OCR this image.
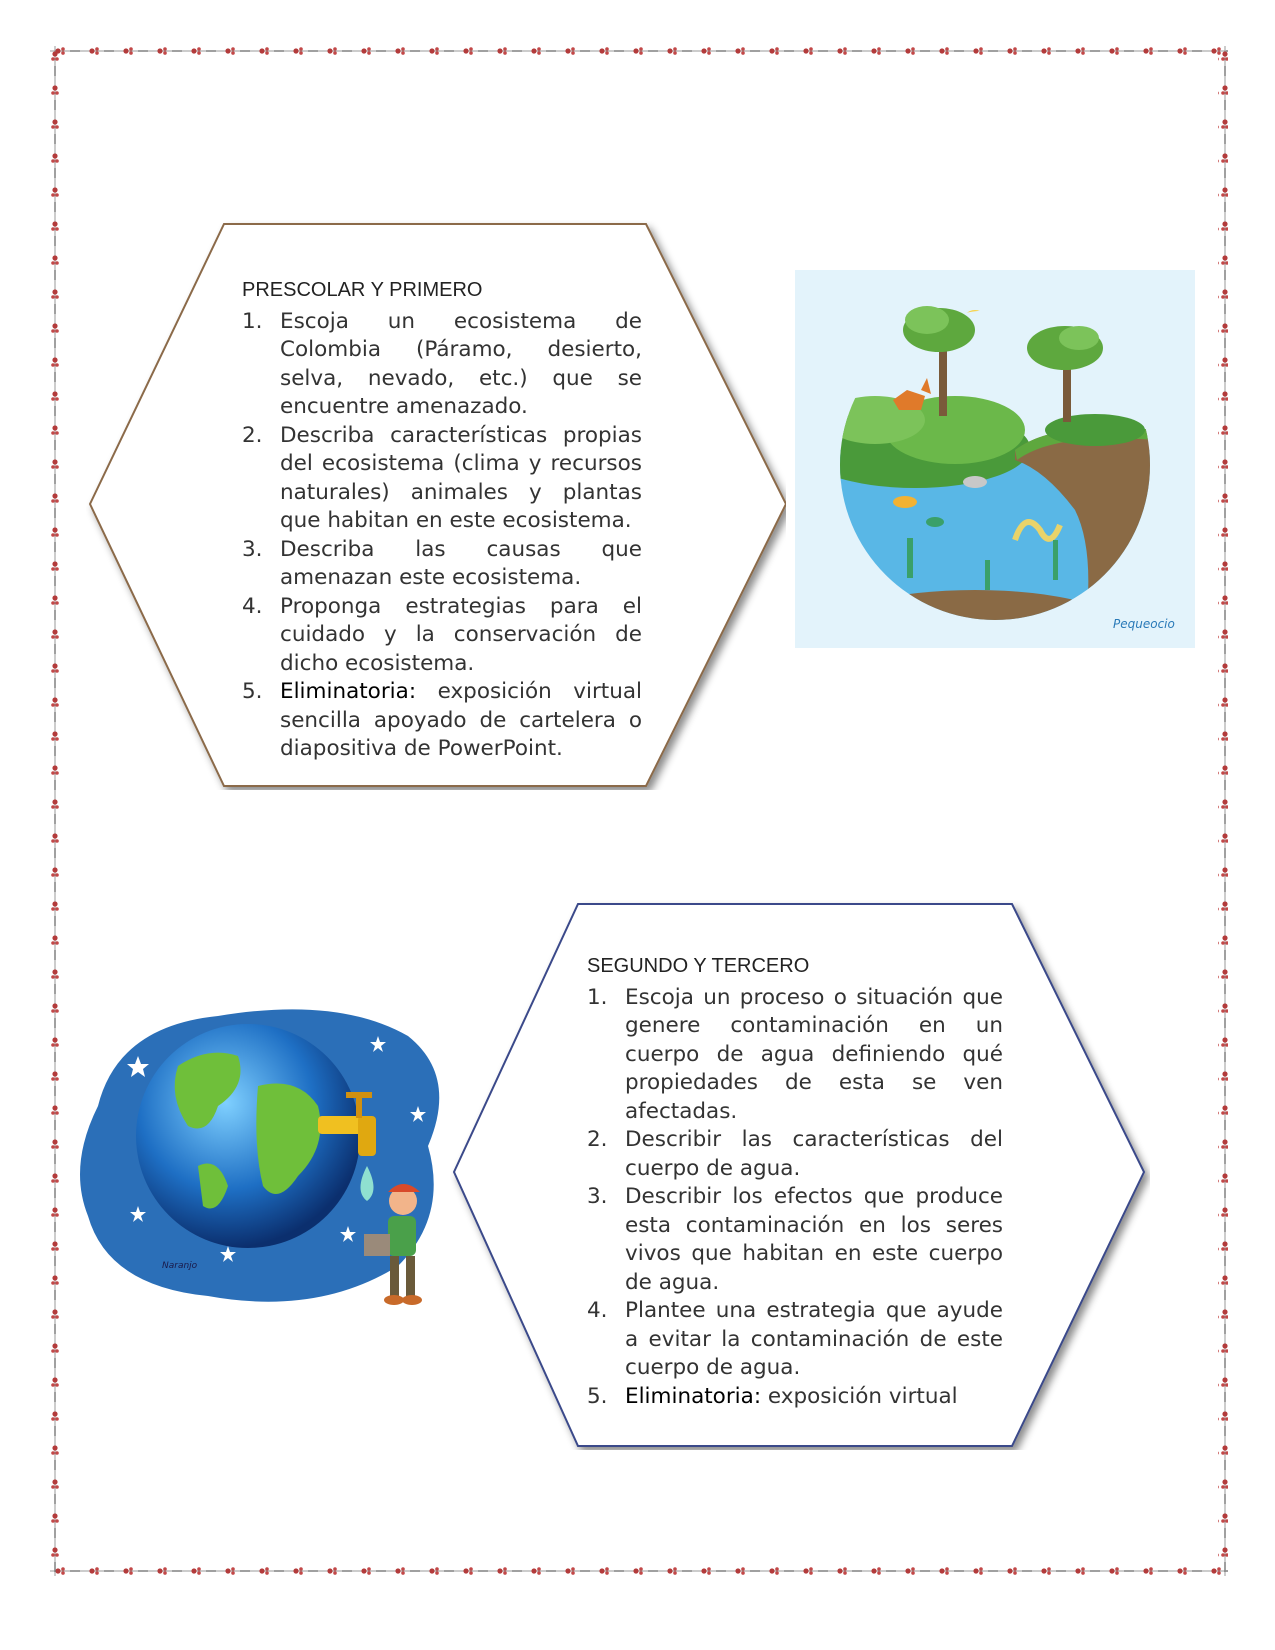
PRESCOLAR Y PRIMERO
1. Escoja un ecosistema de Colombia (Páramo, desierto, selva, nevado, etc.) que se encuentre amenazado.
2. Describa características propias del ecosistema (clima y recursos naturales) animales y plantas que habitan en este ecosistema.
3. Describa las causas que amenazan este ecosistema.
4. Proponga estrategias para el cuidado y la conservación de dicho ecosistema.
5. Eliminatoria: exposición virtual sencilla apoyado de cartelera o diapositiva de PowerPoint.
Pequeocio
SEGUNDO Y TERCERO
1. Escoja un proceso o situación que genere contaminación en un cuerpo de agua definiendo qué propiedades de esta se ven afectadas.
2. Describir las características del cuerpo de agua.
3. Describir los efectos que produce esta contaminación en los seres vivos que habitan en este cuerpo de agua.
4. Plantee una estrategia que ayude a evitar la contaminación de este cuerpo de agua.
5. Eliminatoria: exposición virtual
Naranjo
